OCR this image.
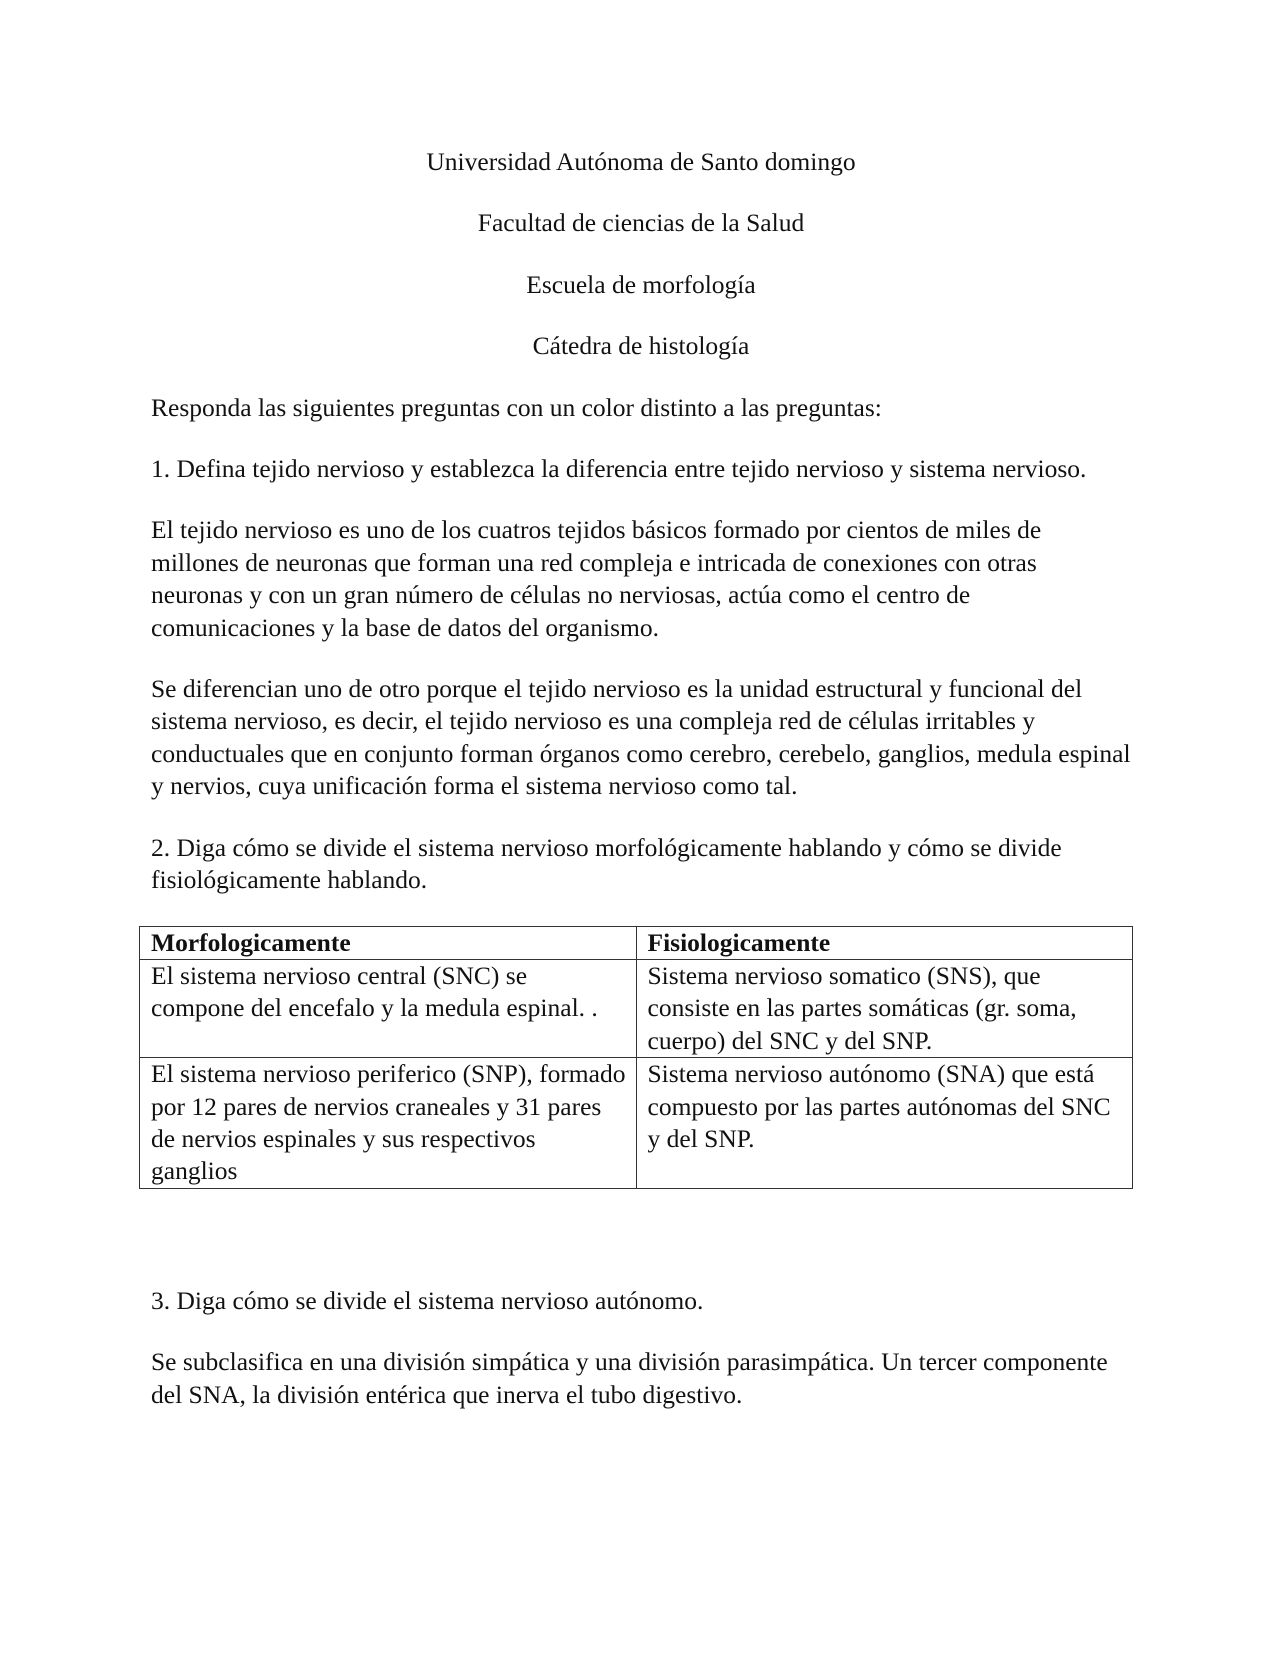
Universidad Autónoma de Santo domingo

Facultad de ciencias de la Salud

Escuela de morfología

Cátedra de histología

Responda las siguientes preguntas con un color distinto a las preguntas:

1. Defina tejido nervioso y establezca la diferencia entre tejido nervioso y sistema nervioso.

El tejido nervioso es uno de los cuatros tejidos básicos formado por cientos de miles de millones de neuronas que forman una red compleja e intricada de conexiones con otras neuronas y con un gran número de células no nerviosas, actúa como el centro de comunicaciones y la base de datos del organismo.

Se diferencian uno de otro porque el tejido nervioso es la unidad estructural y funcional del sistema nervioso, es decir, el tejido nervioso es una compleja red de células irritables y conductuales que en conjunto forman órganos como cerebro, cerebelo, ganglios, medula espinal y nervios, cuya unificación forma el sistema nervioso como tal.

2. Diga cómo se divide el sistema nervioso morfológicamente hablando y cómo se divide fisiológicamente hablando.

Morfologicamente	Fisiologicamente
El sistema nervioso central (SNC) se compone del encefalo y la medula espinal. .	Sistema nervioso somatico (SNS), que consiste en las partes somáticas (gr. soma, cuerpo) del SNC y del SNP.
El sistema nervioso periferico (SNP), formado por 12 pares de nervios craneales y 31 pares de nervios espinales y sus respectivos ganglios	Sistema nervioso autónomo (SNA) que está compuesto por las partes autónomas del SNC y del SNP.

3. Diga cómo se divide el sistema nervioso autónomo.

Se subclasifica en una división simpática y una división parasimpática. Un tercer componente del SNA, la división entérica que inerva el tubo digestivo.
